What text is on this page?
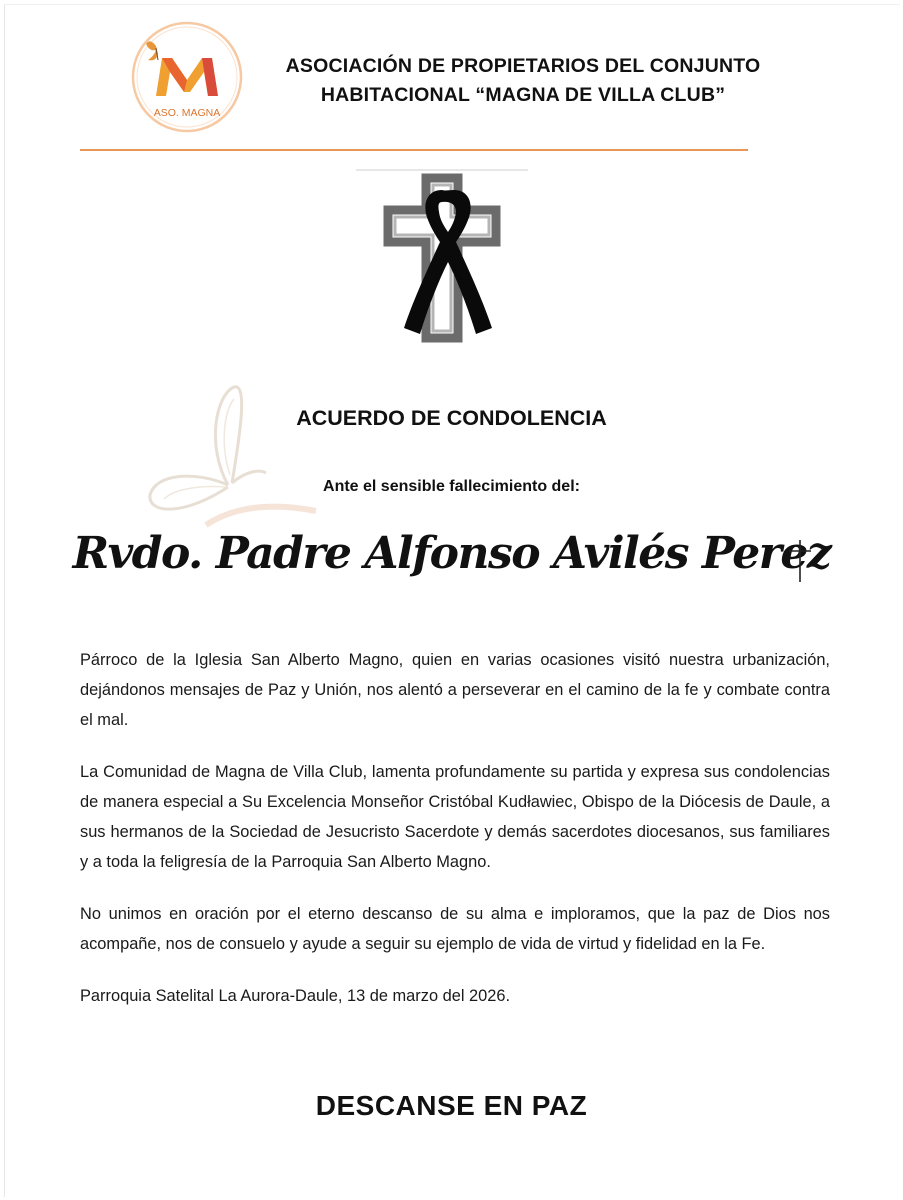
ASO. MAGNA
ASOCIACIÓN DE PROPIETARIOS DEL CONJUNTO
HABITACIONAL “MAGNA DE VILLA CLUB”
ACUERDO DE CONDOLENCIA
Ante el sensible fallecimiento del:
Rvdo. Padre Alfonso Avilés Perez

Párroco de la Iglesia San Alberto Magno, quien en varias ocasiones visitó nuestra urbanización, dejándonos mensajes de Paz y Unión, nos alentó a perseverar en el camino de la fe y combate contra el mal.

La Comunidad de Magna de Villa Club, lamenta profundamente su partida y expresa sus condolencias de manera especial a Su Excelencia Monseñor Cristóbal Kudławiec, Obispo de la Diócesis de Daule, a sus hermanos de la Sociedad de Jesucristo Sacerdote y demás sacerdotes diocesanos, sus familiares y a toda la feligresía de la Parroquia San Alberto Magno.

No unimos en oración por el eterno descanso de su alma e imploramos, que la paz de Dios nos acompañe, nos de consuelo y ayude a seguir su ejemplo de vida de virtud y fidelidad en la Fe.

Parroquia Satelital La Aurora-Daule, 13 de marzo del 2026.

DESCANSE EN PAZ
